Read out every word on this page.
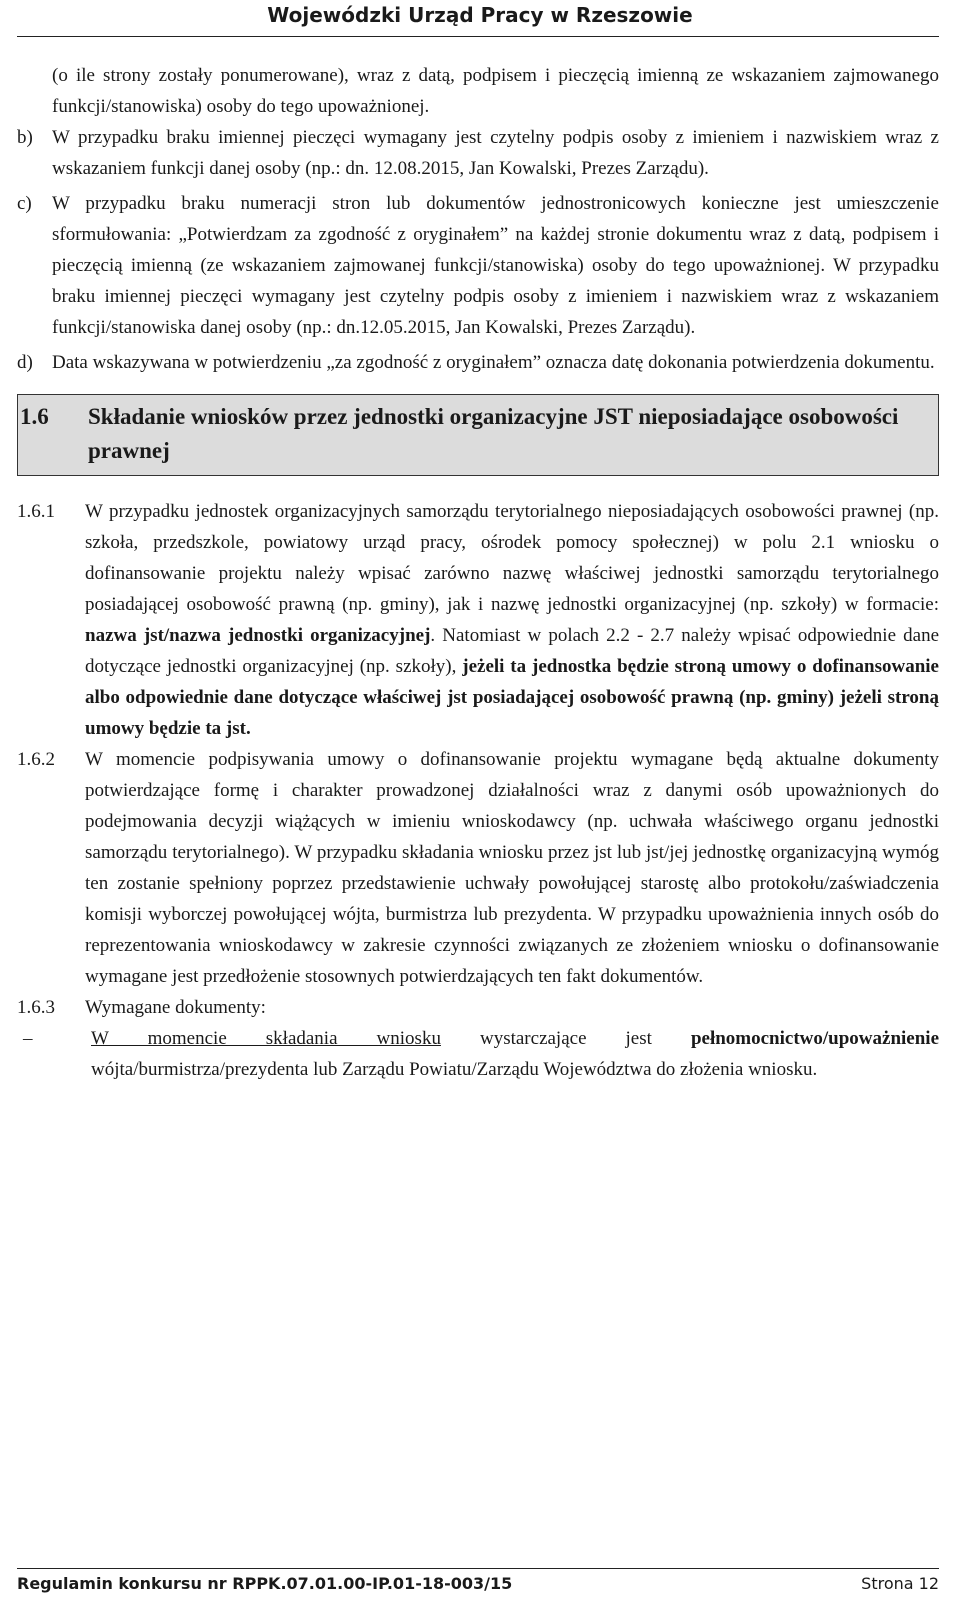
Wojewódzki Urząd Pracy w Rzeszowie
(o ile strony zostały ponumerowane), wraz z datą, podpisem i pieczęcią imienną ze wskazaniem zajmowanego funkcji/stanowiska) osoby do tego upoważnionej.
b)	W przypadku braku imiennej pieczęci wymagany jest czytelny podpis osoby z imieniem i nazwiskiem wraz z wskazaniem funkcji danej osoby (np.: dn. 12.08.2015, Jan Kowalski, Prezes Zarządu).
c)	W przypadku braku numeracji stron lub dokumentów jednostronicowych konieczne jest umieszczenie sformułowania: „Potwierdzam za zgodność z oryginałem” na każdej stronie dokumentu wraz z datą, podpisem i pieczęcią imienną (ze wskazaniem zajmowanej funkcji/stanowiska) osoby do tego upoważnionej. W przypadku braku imiennej pieczęci wymagany jest czytelny podpis osoby z imieniem i nazwiskiem wraz z wskazaniem funkcji/stanowiska danej osoby (np.: dn.12.05.2015, Jan Kowalski, Prezes Zarządu).
d)	Data wskazywana w potwierdzeniu „za zgodność z oryginałem” oznacza datę dokonania potwierdzenia dokumentu.
1.6	Składanie wniosków przez jednostki organizacyjne JST nieposiadające osobowości prawnej
1.6.1	W przypadku jednostek organizacyjnych samorządu terytorialnego nieposiadających osobowości prawnej (np. szkoła, przedszkole, powiatowy urząd pracy, ośrodek pomocy społecznej) w polu 2.1 wniosku o dofinansowanie projektu należy wpisać zarówno nazwę właściwej jednostki samorządu terytorialnego posiadającej osobowość prawną (np. gminy), jak i nazwę jednostki organizacyjnej (np. szkoły) w formacie: nazwa jst/nazwa jednostki organizacyjnej. Natomiast w polach 2.2 - 2.7 należy wpisać odpowiednie dane dotyczące jednostki organizacyjnej (np. szkoły), jeżeli ta jednostka będzie stroną umowy o dofinansowanie albo odpowiednie dane dotyczące właściwej jst posiadającej osobowość prawną (np. gminy) jeżeli stroną umowy będzie ta jst.
1.6.2	W momencie podpisywania umowy o dofinansowanie projektu wymagane będą aktualne dokumenty potwierdzające formę i charakter prowadzonej działalności wraz z danymi osób upoważnionych do podejmowania decyzji wiążących w imieniu wnioskodawcy (np. uchwała właściwego organu jednostki samorządu terytorialnego). W przypadku składania wniosku przez jst lub jst/jej jednostkę organizacyjną wymóg ten zostanie spełniony poprzez przedstawienie uchwały powołującej starostę albo protokołu/zaświadczenia komisji wyborczej powołującej wójta, burmistrza lub prezydenta. W przypadku upoważnienia innych osób do reprezentowania wnioskodawcy w zakresie czynności związanych ze złożeniem wniosku o dofinansowanie wymagane jest przedłożenie stosownych potwierdzających ten fakt dokumentów.
1.6.3	Wymagane dokumenty:
–	W momencie składania wniosku wystarczające jest pełnomocnictwo/upoważnienie wójta/burmistrza/prezydenta lub Zarządu Powiatu/Zarządu Województwa do złożenia wniosku.
Regulamin konkursu nr RPPK.07.01.00-IP.01-18-003/15	Strona 12
